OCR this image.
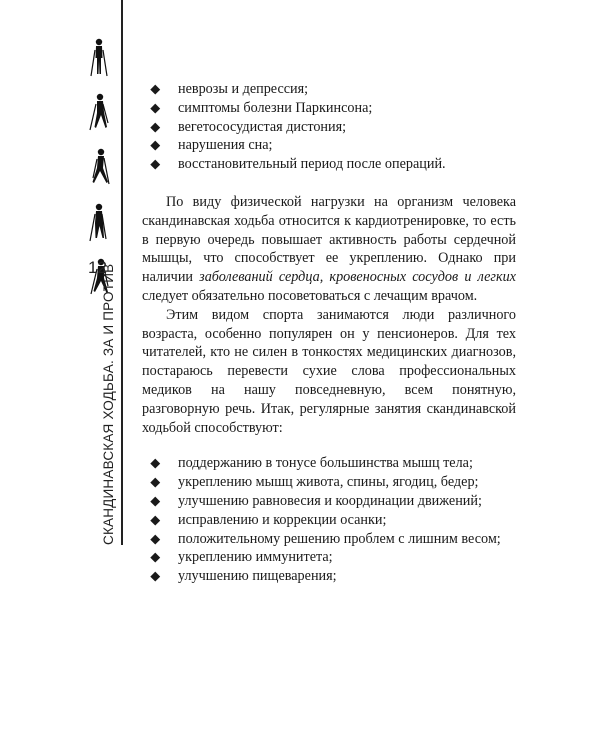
12
СКАНДИНАВСКАЯ ХОДЬБА. ЗА И ПРОТИВ
неврозы и депрессия;
симптомы болезни Паркинсона;
вегетососудистая дистония;
нарушения сна;
восстановительный период после операций.

По виду физической нагрузки на организм человека скандинавская ходьба относится к кардиотренировке, то есть в первую очередь повышает активность работы сердечной мышцы, что способствует ее укреплению. Однако при наличии заболеваний сердца, кровеносных сосудов и легких следует обязательно посоветоваться с лечащим врачом.

Этим видом спорта занимаются люди различного возраста, особенно популярен он у пенсионеров. Для тех читателей, кто не силен в тонкостях медицинских диагнозов, постараюсь перевести сухие слова профессиональных медиков на нашу повседневную, всем понятную, разговорную речь. Итак, регулярные занятия скандинавской ходьбой способствуют:

поддержанию в тонусе большинства мышц тела;
укреплению мышц живота, спины, ягодиц, бедер;
улучшению равновесия и координации движений;
исправлению и коррекции осанки;
положительному решению проблем с лишним весом;
укреплению иммунитета;
улучшению пищеварения;
